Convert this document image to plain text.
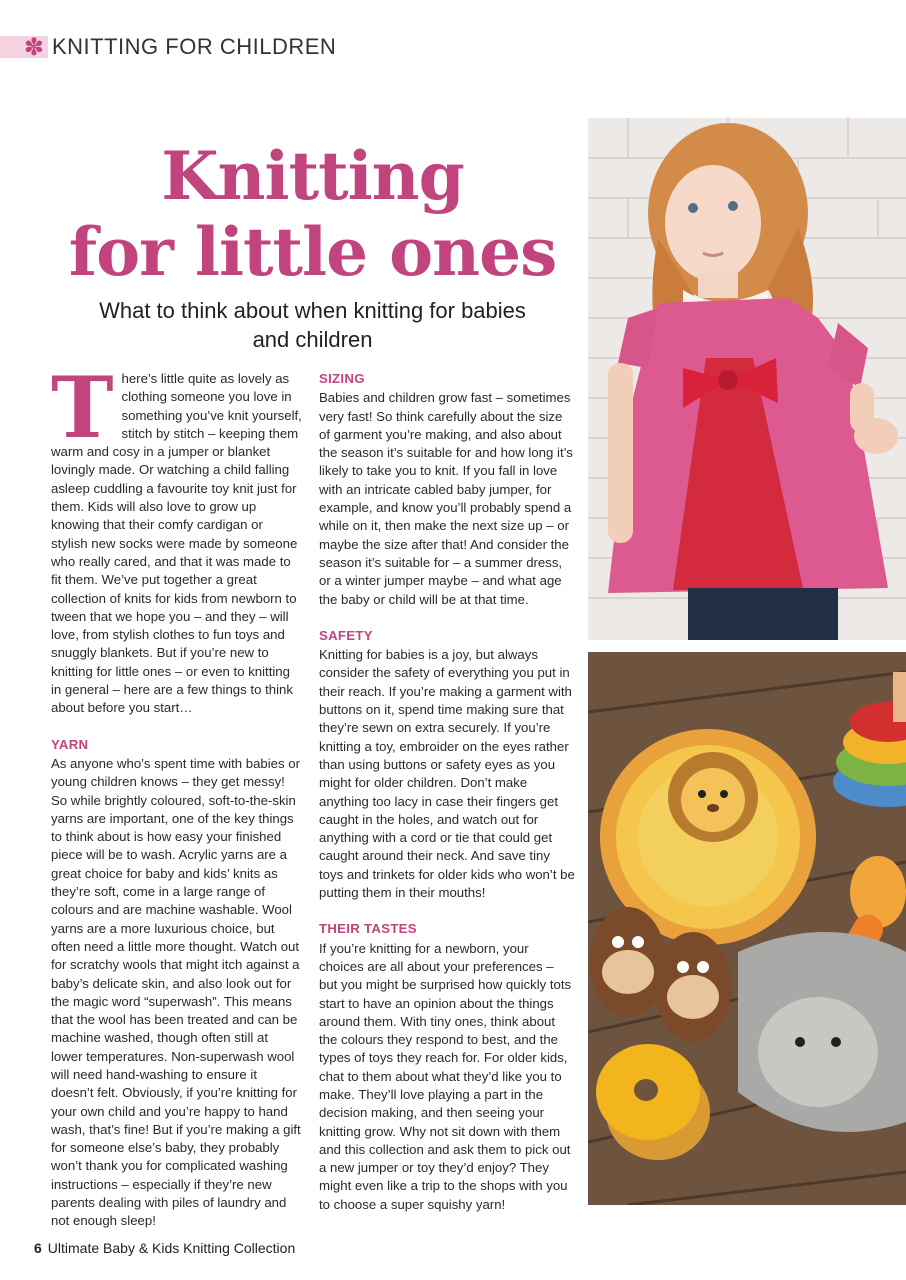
✽ KNITTING FOR CHILDREN
Knitting
for little ones
What to think about when knitting for babies and children

There’s little quite as lovely as clothing someone you love in something you’ve knit yourself, stitch by stitch – keeping them warm and cosy in a jumper or blanket lovingly made. Or watching a child falling asleep cuddling a favourite toy knit just for them. Kids will also love to grow up knowing that their comfy cardigan or stylish new socks were made by someone who really cared, and that it was made to fit them. We’ve put together a great collection of knits for kids from newborn to tween that we hope you – and they – will love, from stylish clothes to fun toys and snuggly blankets. But if you’re new to knitting for little ones – or even to knitting in general – here are a few things to think about before you start…

YARN

As anyone who’s spent time with babies or young children knows – they get messy! So while brightly coloured, soft-to-the-skin yarns are important, one of the key things to think about is how easy your finished piece will be to wash. Acrylic yarns are a great choice for baby and kids’ knits as they’re soft, come in a large range of colours and are machine washable. Wool yarns are a more luxurious choice, but often need a little more thought. Watch out for scratchy wools that might itch against a baby’s delicate skin, and also look out for the magic word “superwash”. This means that the wool has been treated and can be machine washed, though often still at lower temperatures. Non-superwash wool will need hand-washing to ensure it doesn’t felt. Obviously, if you’re knitting for your own child and you’re happy to hand wash, that’s fine! But if you’re making a gift for someone else’s baby, they probably won’t thank you for complicated washing instructions – especially if they’re new parents dealing with piles of laundry and not enough sleep!

SIZING

Babies and children grow fast – sometimes very fast! So think carefully about the size of garment you’re making, and also about the season it’s suitable for and how long it’s likely to take you to knit. If you fall in love with an intricate cabled baby jumper, for example, and know you’ll probably spend a while on it, then make the next size up – or maybe the size after that! And consider the season it’s suitable for – a summer dress, or a winter jumper maybe – and what age the baby or child will be at that time.

SAFETY

Knitting for babies is a joy, but always consider the safety of everything you put in their reach. If you’re making a garment with buttons on it, spend time making sure that they’re sewn on extra securely. If you’re knitting a toy, embroider on the eyes rather than using buttons or safety eyes as you might for older children. Don’t make anything too lacy in case their fingers get caught in the holes, and watch out for anything with a cord or tie that could get caught around their neck. And save tiny toys and trinkets for older kids who won’t be putting them in their mouths!

THEIR TASTES

If you’re knitting for a newborn, your choices are all about your preferences – but you might be surprised how quickly tots start to have an opinion about the things around them. With tiny ones, think about the colours they respond to best, and the types of toys they reach for. For older kids, chat to them about what they’d like you to make. They’ll love playing a part in the decision making, and then seeing your knitting grow. Why not sit down with them and this collection and ask them to pick out a new jumper or toy they’d enjoy? They might even like a trip to the shops with you to choose a super squishy yarn!

6 Ultimate Baby & Kids Knitting Collection
